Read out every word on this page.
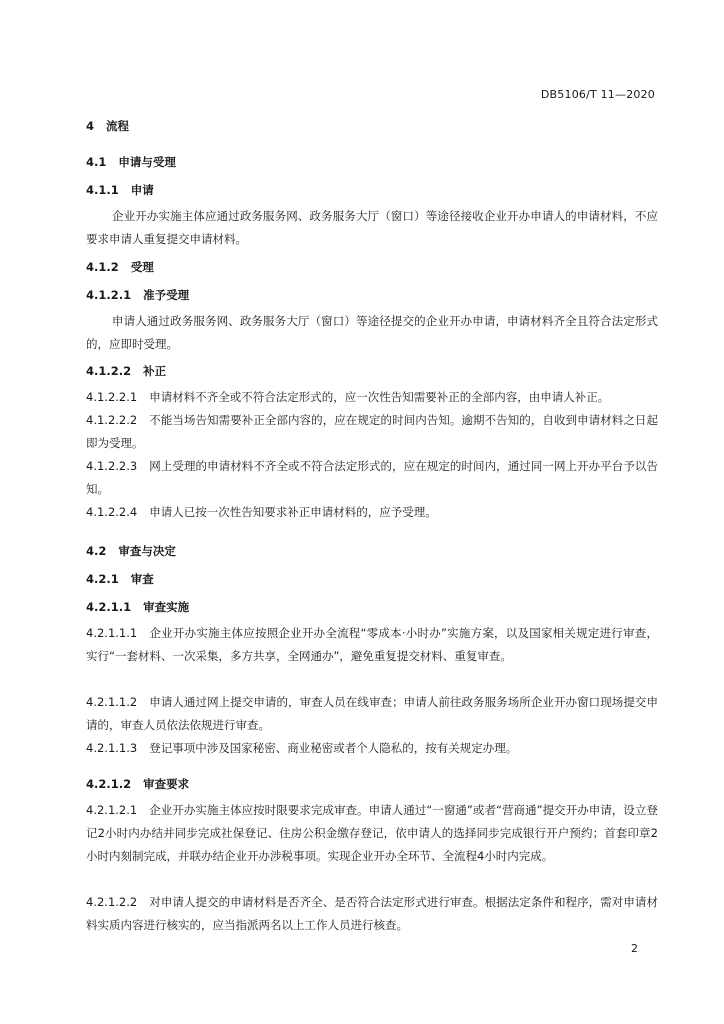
DB5106/T 11—2020
4 流程
4.1 申请与受理
4.1.1 申请
企业开办实施主体应通过政务服务网、政务服务大厅（窗口）等途径接收企业开办申请人的申请材料，不应要求申请人重复提交申请材料。
4.1.2 受理
4.1.2.1 准予受理
申请人通过政务服务网、政务服务大厅（窗口）等途径提交的企业开办申请，申请材料齐全且符合法定形式的，应即时受理。
4.1.2.2 补正
4.1.2.2.1 申请材料不齐全或不符合法定形式的，应一次性告知需要补正的全部内容，由申请人补正。
4.1.2.2.2 不能当场告知需要补正全部内容的，应在规定的时间内告知。逾期不告知的，自收到申请材料之日起即为受理。
4.1.2.2.3 网上受理的申请材料不齐全或不符合法定形式的，应在规定的时间内，通过同一网上开办平台予以告知。
4.1.2.2.4 申请人已按一次性告知要求补正申请材料的，应予受理。
4.2 审查与决定
4.2.1 审查
4.2.1.1 审查实施
4.2.1.1.1 企业开办实施主体应按照企业开办全流程“零成本·小时办”实施方案，以及国家相关规定进行审查，实行“一套材料、一次采集，多方共享，全网通办”，避免重复提交材料、重复审查。
4.2.1.1.2 申请人通过网上提交申请的，审查人员在线审查；申请人前往政务服务场所企业开办窗口现场提交申请的，审查人员依法依规进行审查。
4.2.1.1.3 登记事项中涉及国家秘密、商业秘密或者个人隐私的，按有关规定办理。
4.2.1.2 审查要求
4.2.1.2.1 企业开办实施主体应按时限要求完成审查。申请人通过“一窗通”或者“营商通”提交开办申请，设立登记2小时内办结并同步完成社保登记、住房公积金缴存登记，依申请人的选择同步完成银行开户预约；首套印章2小时内刻制完成，并联办结企业开办涉税事项。实现企业开办全环节、全流程4小时内完成。
4.2.1.2.2 对申请人提交的申请材料是否齐全、是否符合法定形式进行审查。根据法定条件和程序，需对申请材料实质内容进行核实的，应当指派两名以上工作人员进行核查。
2
